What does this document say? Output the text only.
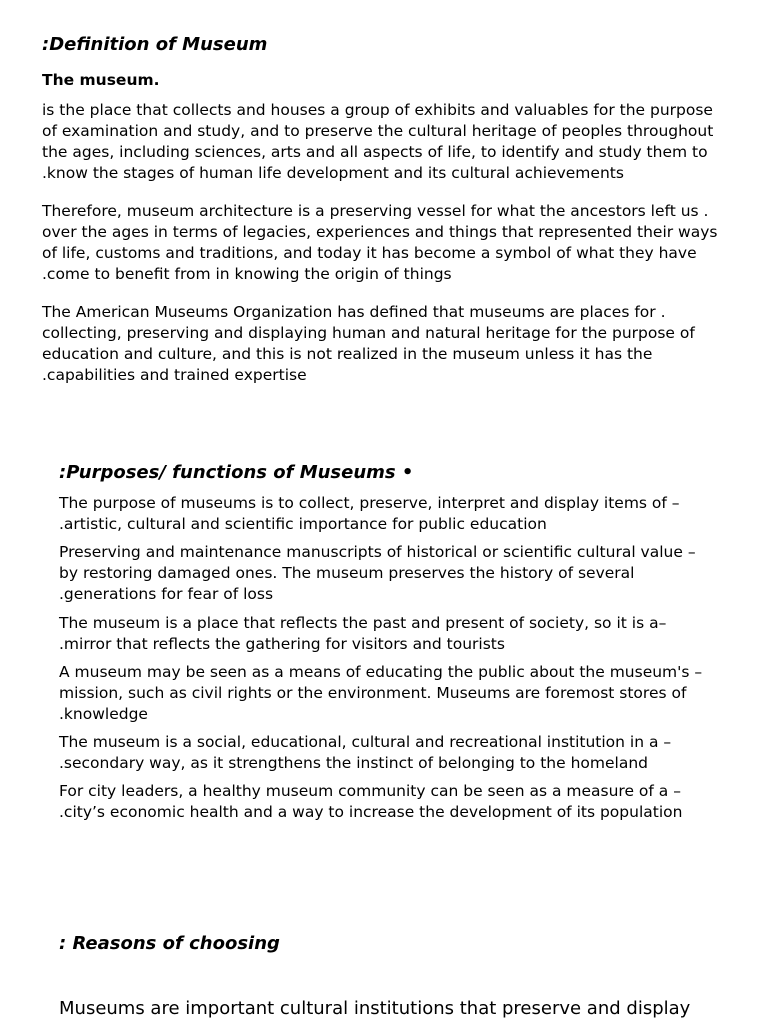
:Definition of Museum
The museum.
is the place that collects and houses a group of exhibits and valuables for the purpose
of examination and study, and to preserve the cultural heritage of peoples throughout
the ages, including sciences, arts and all aspects of life, to identify and study them to
.know the stages of human life development and its cultural achievements
Therefore, museum architecture is a preserving vessel for what the ancestors left us .
over the ages in terms of legacies, experiences and things that represented their ways
of life, customs and traditions, and today it has become a symbol of what they have
.come to benefit from in knowing the origin of things
The American Museums Organization has defined that museums are places for .
collecting, preserving and displaying human and natural heritage for the purpose of
education and culture, and this is not realized in the museum unless it has the
.capabilities and trained expertise
:Purposes/ functions of Museums •
The purpose of museums is to collect, preserve, interpret and display items of –
.artistic, cultural and scientific importance for public education
Preserving and maintenance manuscripts of historical or scientific cultural value –
by restoring damaged ones. The museum preserves the history of several
.generations for fear of loss
The museum is a place that reflects the past and present of society, so it is a–
.mirror that reflects the gathering for visitors and tourists
A museum may be seen as a means of educating the public about the museum's –
mission, such as civil rights or the environment. Museums are foremost stores of
.knowledge
The museum is a social, educational, cultural and recreational institution in a –
.secondary way, as it strengthens the instinct of belonging to the homeland
For city leaders, a healthy museum community can be seen as a measure of a –
.city’s economic health and a way to increase the development of its population
: Reasons of choosing
Museums are important cultural institutions that preserve and display
